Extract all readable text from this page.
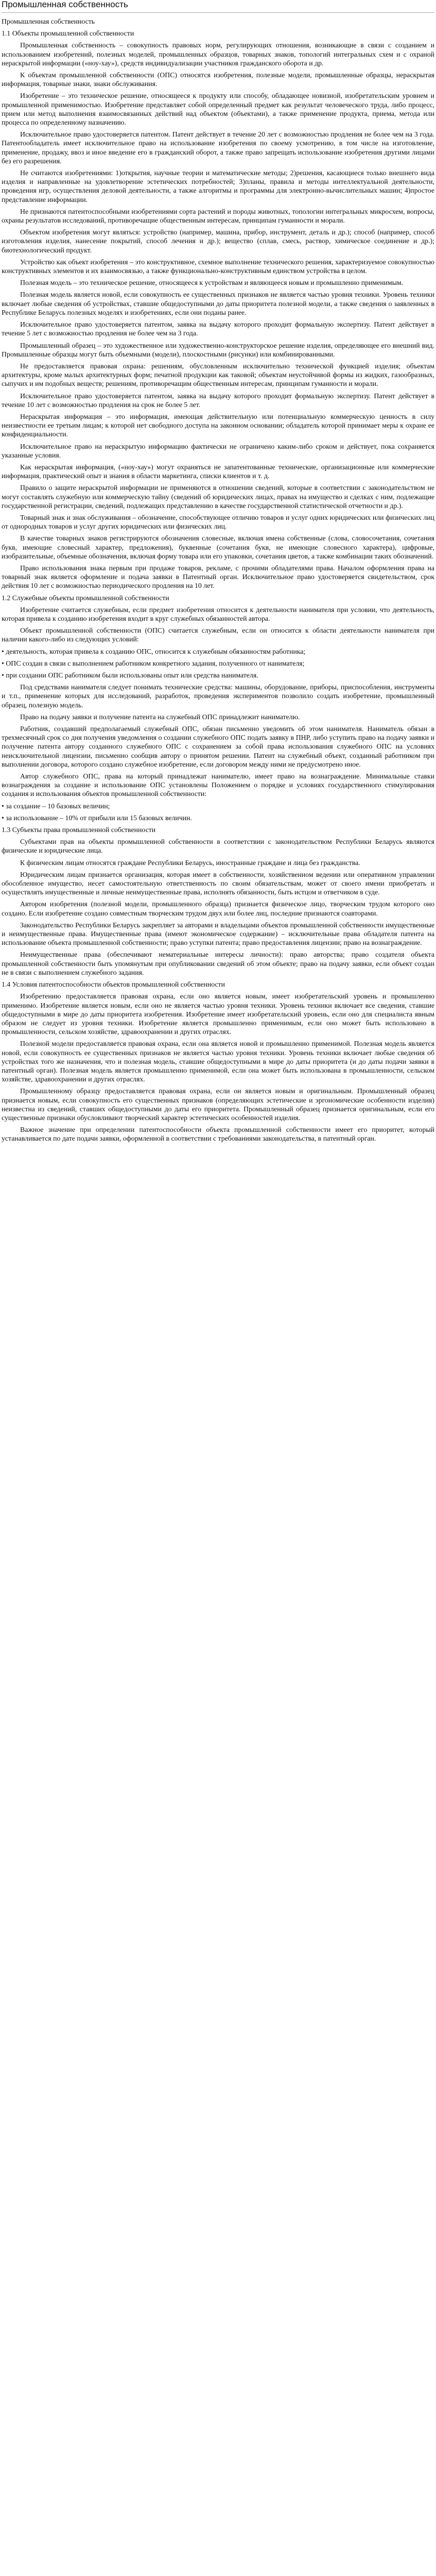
Промышленная собственность

Промышленная собственность

1.1 Объекты промышленной собственности

Промышленная собственность – совокупность правовых норм, регулирующих отношения, возникающие в связи с созданием и использованием изобретений, полезных моделей, промышленных образцов, товарных знаков, топологий интегральных схем и с охраной нераскрытой информации («ноу-хау»), средств индивидуализации участников гражданского оборота и др.

К объектам промышленной собственности (ОПС) относятся изобретения, полезные модели, промышленные образцы, нераскрытая информация, товарные знаки, знаки обслуживания.

Изобретение – это техническое решение, относящееся к продукту или способу, обладающее новизной, изобретательским уровнем и промышленной применимостью. Изобретение представляет собой определенный предмет как результат человеческого труда, либо процесс, прием или метод выполнения взаимосвязанных действий над объектом (объектами), а также применение продукта, приема, метода или процесса по определенному назначению.

Исключительное право удостоверяется патентом. Патент действует в течение 20 лет с возможностью продления не более чем на 3 года. Патентообладатель имеет исключительное право на использование изобретения по своему усмотрению, в том числе на изготовление, применение, продажу, ввоз и иное введение его в гражданский оборот, а также право запрещать использование изобретения другими лицами без его разрешения.

Не считаются изобретениями: 1)открытия, научные теории и математические методы; 2)решения, касающиеся только внешнего вида изделия и направленные на удовлетворение эстетических потребностей; 3)планы, правила и методы интеллектуальной деятельности, проведения игр, осуществления деловой деятельности, а также алгоритмы и программы для электронно-вычислительных машин; 4)простое представление информации.

Не признаются патентоспособными изобретениями сорта растений и породы животных, топологии интегральных микросхем, вопросы, охраны результатов исследований, противоречащие общественным интересам, принципам гуманности и морали.

Объектом изобретения могут являться: устройство (например, машина, прибор, инструмент, деталь и др.); способ (например, способ изготовления изделия, нанесение покрытий, способ лечения и др.); вещество (сплав, смесь, раствор, химическое соединение и др.); биотехнологический продукт.

Устройство как объект изобретения – это конструктивное, схемное выполнение технического решения, характеризуемое совокупностью конструктивных элементов и их взаимосвязью, а также функционально-конструктивным единством устройства в целом.

Полезная модель – это техническое решение, относящееся к устройствам и являющееся новым и промышленно применимым.

Полезная модель является новой, если совокупность ее существенных признаков не является частью уровня техники. Уровень техники включает любые сведения об устройствах, ставшие общедоступными до даты приоритета полезной модели, а также сведения о заявленных в Республике Беларусь полезных моделях и изобретениях, если они поданы ранее.

Исключительное право удостоверяется патентом, заявка на выдачу которого проходит формальную экспертизу. Патент действует в течение 5 лет с возможностью продления не более чем на 3 года.

Промышленный образец – это художественное или художественно-конструкторское решение изделия, определяющее его внешний вид. Промышленные образцы могут быть объемными (модели), плоскостными (рисунки) или комбинированными.

Не предоставляется правовая охрана: решениям, обусловленным исключительно технической функцией изделия; объектам архитектуры, кроме малых архитектурных форм; печатной продукции как таковой; объектам неустойчивой формы из жидких, газообразных, сыпучих и им подобных веществ; решениям, противоречащим общественным интересам, принципам гуманности и морали.

Исключительное право удостоверяется патентом, заявка на выдачу которого проходит формальную экспертизу. Патент действует в течение 10 лет с возможностью продления на срок не более 5 лет.

Нераскрытая информация – это информация, имеющая действительную или потенциальную коммерческую ценность в силу неизвестности ее третьим лицам; к которой нет свободного доступа на законном основании; обладатель которой принимает меры к охране ее конфиденциальности.

Исключительное право на нераскрытую информацию фактически не ограничено каким-либо сроком и действует, пока сохраняется указанные условия.

Как нераскрытая информация, («ноу-хау») могут охраняться не запатентованные технические, организационные или коммерческие информация, практический опыт и знания в области маркетинга, списки клиентов и т. д.

Правило о защите нераскрытой информации не применяются в отношении сведений, которые в соответствии с законодательством не могут составлять служебную или коммерческую тайну (сведений об юридических лицах, правах на имущество и сделках с ним, подлежащие государственной регистрации, сведений, подлежащих представлению в качестве государственной статистической отчетности и др.).

Товарный знак и знак обслуживания – обозначение, способствующее отличию товаров и услуг одних юридических или физических лиц от однородных товаров и услуг других юридических или физических лиц.

В качестве товарных знаков регистрируются обозначения словесные, включая имена собственные (слова, словосочетания, сочетания букв, имеющие словесный характер, предложения), буквенные (сочетания букв, не имеющие словесного характера), цифровые, изобразительные, объемные обозначения, включая форму товара или его упаковки, сочетания цветов, а также комбинации таких обозначений.

Право использования знака первым при продаже товаров, рекламе, с прочими обладателями права. Началом оформления права на товарный знак является оформление и подача заявки в Патентный орган. Исключительное право удостоверяется свидетельством, срок действия 10 лет с возможностью периодического продления на 10 лет.

1.2 Служебные объекты промышленной собственности

Изобретение считается служебным, если предмет изобретения относится к деятельности нанимателя при условии, что деятельность, которая привела к созданию изобретения входит в круг служебных обязанностей автора.

Объект промышленной собственности (ОПС) считается служебным, если он относится к области деятельности нанимателя при наличии какого-либо из следующих условий:

• деятельность, которая привела к созданию ОПС, относится к служебным обязанностям работника;

• ОПС создан в связи с выполнением работником конкретного задания, полученного от нанимателя;

• при создании ОПС работником были использованы опыт или средства нанимателя.

Под средствами нанимателя следует понимать технические средства: машины, оборудование, приборы, приспособления, инструменты и т.п., применение которых для исследований, разработок, проведения экспериментов позволило создать изобретение, промышленный образец, полезную модель.

Право на подачу заявки и получение патента на служебный ОПС принадлежит нанимателю.

Работник, создавший предполагаемый служебный ОПС, обязан письменно уведомить об этом нанимателя. Наниматель обязан в трехмесячный срок со дня получения уведомления о создании служебного ОПС подать заявку в ПНР, либо уступить право на подачу заявки и получение патента автору созданного служебного ОПС с сохранением за собой права использования служебного ОПС на условиях неисключительной лицензии, письменно сообщив автору о принятом решении. Патент на служебный объект, созданный работником при выполнении договора, которого создано служебное изобретение, если договором между ними не предусмотрено иное.

Автор служебного ОПС, права на который принадлежат нанимателю, имеет право на вознаграждение. Минимальные ставки вознаграждения за создание и использование ОПС установлены Положением о порядке и условиях государственного стимулирования создания и использования объектов промышленной собственности:

• за создание – 10 базовых величин;

• за использование – 10% от прибыли или 15 базовых величин.

1.3 Субъекты права промышленной собственности

Субъектами прав на объекты промышленной собственности в соответствии с законодательством Республики Беларусь являются физические и юридические лица.

К физическим лицам относятся граждане Республики Беларусь, иностранные граждане и лица без гражданства.

Юридическим лицам признается организация, которая имеет в собственности, хозяйственном ведении или оперативном управлении обособленное имущество, несет самостоятельную ответственность по своим обязательствам, может от своего имени приобретать и осуществлять имущественные и личные неимущественные права, исполнять обязанности, быть истцом и ответчиком в суде.

Автором изобретения (полезной модели, промышленного образца) признается физическое лицо, творческим трудом которого оно создано. Если изобретение создано совместным творческим трудом двух или более лиц, последние признаются соавторами.

Законодательство Республики Беларусь закрепляет за авторами и владельцами объектов промышленной собственности имущественные и неимущественные права. Имущественные права (имеют экономическое содержание) – исключительные права обладателя патента на использование объекта промышленной собственности; право уступки патента; право предоставления лицензии; право на вознаграждение.

Неимущественные права (обеспечивают нематериальные интересы личности): право авторства; право создателя объекта промышленной собственности быть упомянутым при опубликовании сведений об этом объекте; право на подачу заявки, если объект создан не в связи с выполнением служебного задания.

1.4 Условия патентоспособности объектов промышленной собственности

Изобретению предоставляется правовая охрана, если оно является новым, имеет изобретательский уровень и промышленно применимо. Изобретение является новым, если оно не является частью уровня техники. Уровень техники включает все сведения, ставшие общедоступными в мире до даты приоритета изобретения. Изобретение имеет изобретательский уровень, если оно для специалиста явным образом не следует из уровня техники. Изобретение является промышленно применимым, если оно может быть использовано в промышленности, сельском хозяйстве, здравоохранении и других отраслях.

Полезной модели предоставляется правовая охрана, если она является новой и промышленно применимой. Полезная модель является новой, если совокупность ее существенных признаков не является частью уровня техники. Уровень техники включает любые сведения об устройствах того же назначения, что и полезная модель, ставшие общедоступными в мире до даты приоритета (и до даты подачи заявки в патентный орган). Полезная модель является промышленно применимой, если она может быть использована в промышленности, сельском хозяйстве, здравоохранении и других отраслях.

Промышленному образцу предоставляется правовая охрана, если он является новым и оригинальным. Промышленный образец признается новым, если совокупность его существенных признаков (определяющих эстетические и эргономические особенности изделия) неизвестна из сведений, ставших общедоступными до даты его приоритета. Промышленный образец признается оригинальным, если его существенные признаки обусловливают творческий характер эстетических особенностей изделия.

Важное значение при определении патентоспособности объекта промышленной собственности имеет его приоритет, который устанавливается по дате подачи заявки, оформленной в соответствии с требованиями законодательства, в патентный орган.
